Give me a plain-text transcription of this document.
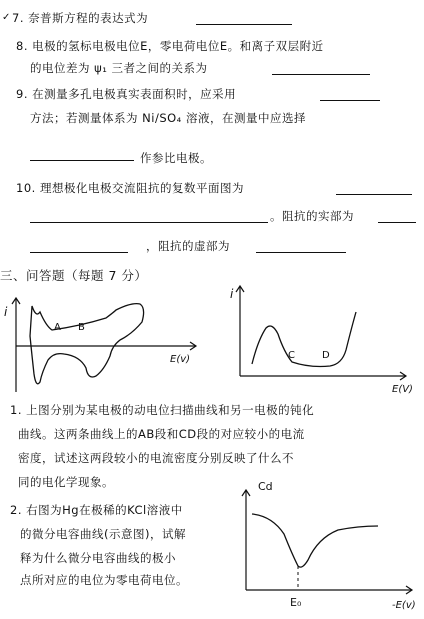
✓ 7. 奈普斯方程的表达式为
8. 电极的氢标电极电位E，零电荷电位E。和离子双层附近
的电位差为 ψ₁ 三者之间的关系为
9. 在测量多孔电极真实表面积时，应采用
方法；若测量体系为 Ni/SO₄ 溶液，在测量中应选择
作参比电极。
10. 理想极化电极交流阻抗的复数平面图为
。阻抗的实部为
，阻抗的虚部为
三、问答题（每题 7 分）
i
E(v)
A B
i
E(V)
C	D
1. 上图分别为某电极的动电位扫描曲线和另一电极的钝化
曲线。这两条曲线上的AB段和CD段的对应较小的电流
密度，试述这两段较小的电流密度分别反映了什么不
同的电化学现象。
2. 右图为Hg在极稀的KCl溶液中
的微分电容曲线(示意图)，试解
释为什么微分电容曲线的极小
点所对应的电位为零电荷电位。
Cd
-E(v)
E₀
